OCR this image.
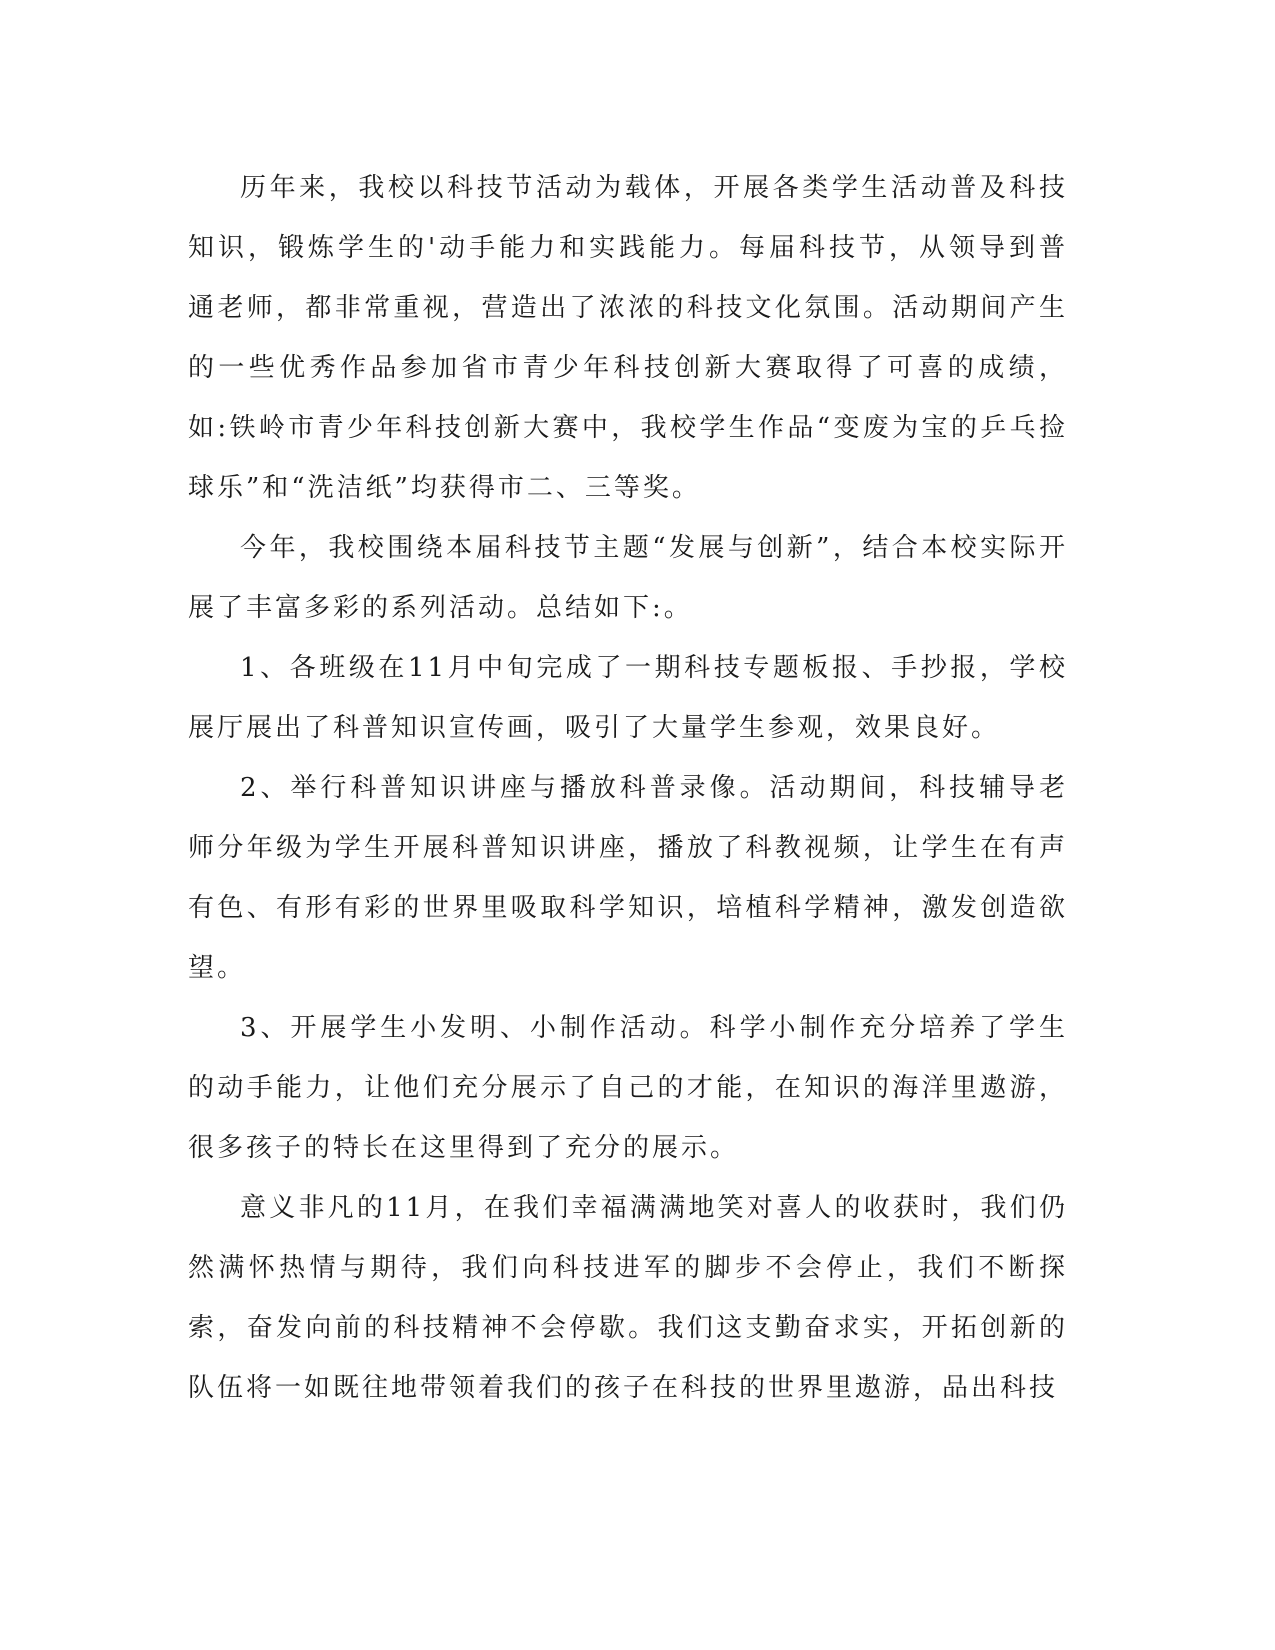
历年来，我校以科技节活动为载体，开展各类学生活动普及科技知识，锻炼学生的'动手能力和实践能力。每届科技节，从领导到普通老师，都非常重视，营造出了浓浓的科技文化氛围。活动期间产生的一些优秀作品参加省市青少年科技创新大赛取得了可喜的成绩，如:铁岭市青少年科技创新大赛中，我校学生作品“变废为宝的乒乓捡球乐”和“洗洁纸”均获得市二、三等奖。

今年，我校围绕本届科技节主题“发展与创新”，结合本校实际开展了丰富多彩的系列活动。总结如下:。

1、各班级在11月中旬完成了一期科技专题板报、手抄报，学校展厅展出了科普知识宣传画，吸引了大量学生参观，效果良好。

2、举行科普知识讲座与播放科普录像。活动期间，科技辅导老师分年级为学生开展科普知识讲座，播放了科教视频，让学生在有声有色、有形有彩的世界里吸取科学知识，培植科学精神，激发创造欲望。

3、开展学生小发明、小制作活动。科学小制作充分培养了学生的动手能力，让他们充分展示了自己的才能，在知识的海洋里遨游，很多孩子的特长在这里得到了充分的展示。

意义非凡的11月，在我们幸福满满地笑对喜人的收获时，我们仍然满怀热情与期待，我们向科技进军的脚步不会停止，我们不断探索，奋发向前的科技精神不会停歇。我们这支勤奋求实，开拓创新的队伍将一如既往地带领着我们的孩子在科技的世界里遨游，品出科技
